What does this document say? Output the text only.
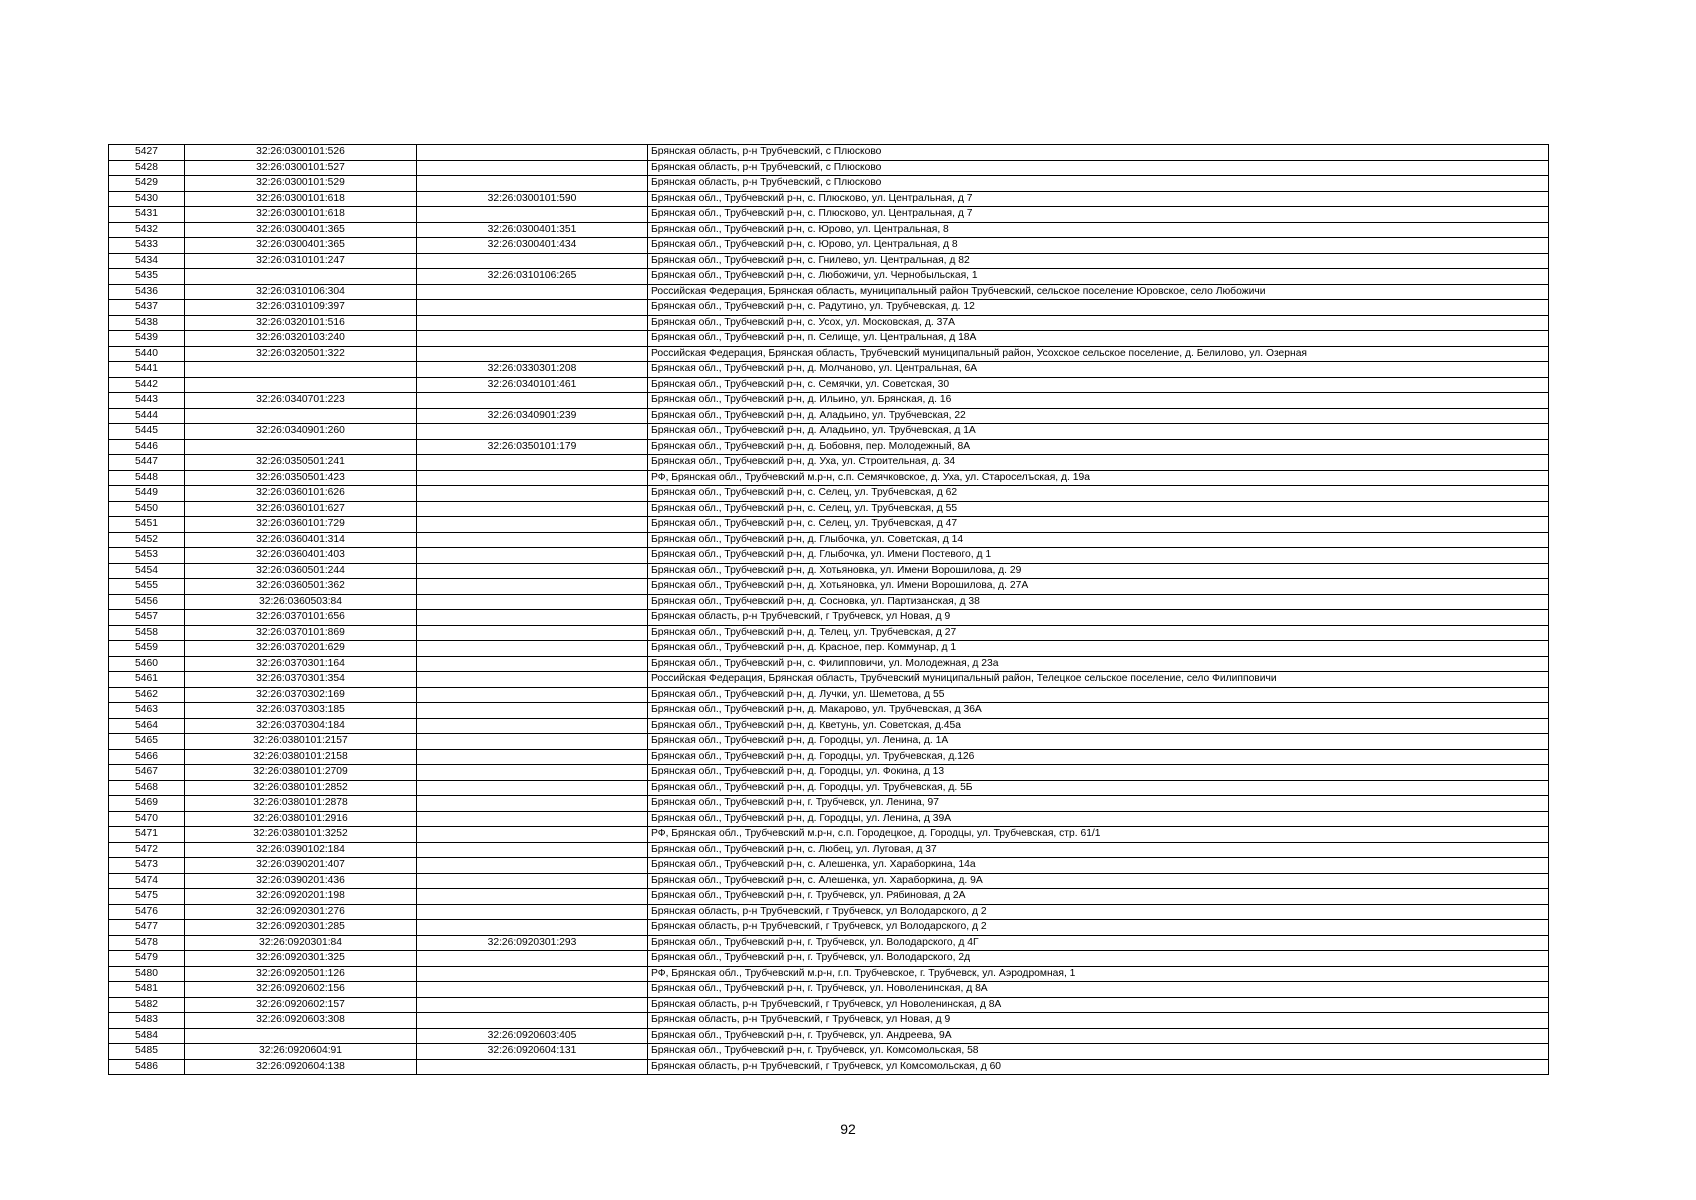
5427	32:26:0300101:526		Брянская область, р-н Трубчевский, с Плюсково
5428	32:26:0300101:527		Брянская область, р-н Трубчевский, с Плюсково
5429	32:26:0300101:529		Брянская область, р-н Трубчевский, с Плюсково
5430	32:26:0300101:618	32:26:0300101:590	Брянская обл., Трубчевский р-н, с. Плюсково, ул. Центральная, д 7
5431	32:26:0300101:618		Брянская обл., Трубчевский р-н, с. Плюсково, ул. Центральная, д 7
5432	32:26:0300401:365	32:26:0300401:351	Брянская обл., Трубчевский р-н, с. Юрово, ул. Центральная, 8
5433	32:26:0300401:365	32:26:0300401:434	Брянская обл., Трубчевский р-н, с. Юрово, ул. Центральная, д 8
5434	32:26:0310101:247		Брянская обл., Трубчевский р-н, с. Гнилево, ул. Центральная, д 82
5435		32:26:0310106:265	Брянская обл., Трубчевский р-н, с. Любожичи, ул. Чернобыльская, 1
5436	32:26:0310106:304		Российская Федерация, Брянская область, муниципальный район Трубчевский, сельское поселение Юровское, село Любожичи
5437	32:26:0310109:397		Брянская обл., Трубчевский р-н, с. Радутино, ул. Трубчевская, д. 12
5438	32:26:0320101:516		Брянская обл., Трубчевский р-н, с. Усох, ул. Московская, д. 37А
5439	32:26:0320103:240		Брянская обл., Трубчевский р-н, п. Селище, ул. Центральная, д 18А
5440	32:26:0320501:322		Российская Федерация, Брянская область, Трубчевский муниципальный район, Усохское сельское поселение, д. Белилово, ул. Озерная
5441		32:26:0330301:208	Брянская обл., Трубчевский р-н, д. Молчаново, ул. Центральная, 6А
5442		32:26:0340101:461	Брянская обл., Трубчевский р-н, с. Семячки, ул. Советская, 30
5443	32:26:0340701:223		Брянская обл., Трубчевский р-н, д. Ильино, ул. Брянская, д. 16
5444		32:26:0340901:239	Брянская обл., Трубчевский р-н, д. Аладьино, ул. Трубчевская, 22
5445	32:26:0340901:260		Брянская обл., Трубчевский р-н, д. Аладьино, ул. Трубчевская, д 1А
5446		32:26:0350101:179	Брянская обл., Трубчевский р-н, д. Бобовня, пер. Молодежный, 8А
5447	32:26:0350501:241		Брянская обл., Трубчевский р-н, д. Уха, ул. Строительная, д. 34
5448	32:26:0350501:423		РФ, Брянская обл., Трубчевский м.р-н, с.п. Семячковское, д. Уха, ул. Староселъская, д. 19а
5449	32:26:0360101:626		Брянская обл., Трубчевский р-н, с. Селец, ул. Трубчевская, д 62
5450	32:26:0360101:627		Брянская обл., Трубчевский р-н, с. Селец, ул. Трубчевская, д 55
5451	32:26:0360101:729		Брянская обл., Трубчевский р-н, с. Селец, ул. Трубчевская, д 47
5452	32:26:0360401:314		Брянская обл., Трубчевский р-н, д. Глыбочка, ул. Советская, д 14
5453	32:26:0360401:403		Брянская обл., Трубчевский р-н, д. Глыбочка, ул. Имени Постевого, д 1
5454	32:26:0360501:244		Брянская обл., Трубчевский р-н, д. Хотьяновка, ул. Имени Ворошилова, д. 29
5455	32:26:0360501:362		Брянская обл., Трубчевский р-н, д. Хотьяновка, ул. Имени Ворошилова, д. 27А
5456	32:26:0360503:84		Брянская обл., Трубчевский р-н, д. Сосновка, ул. Партизанская, д 38
5457	32:26:0370101:656		Брянская область, р-н Трубчевский, г Трубчевск, ул Новая, д 9
5458	32:26:0370101:869		Брянская обл., Трубчевский р-н, д. Телец, ул. Трубчевская, д 27
5459	32:26:0370201:629		Брянская обл., Трубчевский р-н, д. Красное, пер. Коммунар, д 1
5460	32:26:0370301:164		Брянская обл., Трубчевский р-н, с. Филипповичи, ул. Молодежная, д 23а
5461	32:26:0370301:354		Российская Федерация, Брянская область, Трубчевский муниципальный район, Телецкое сельское поселение, село Филипповичи
5462	32:26:0370302:169		Брянская обл., Трубчевский р-н, д. Лучки, ул. Шеметова, д 55
5463	32:26:0370303:185		Брянская обл., Трубчевский р-н, д. Макарово, ул. Трубчевская, д 36А
5464	32:26:0370304:184		Брянская обл., Трубчевский р-н, д. Кветунь, ул. Советская, д.45а
5465	32:26:0380101:2157		Брянская обл., Трубчевский р-н, д. Городцы, ул. Ленина, д. 1А
5466	32:26:0380101:2158		Брянская обл., Трубчевский р-н, д. Городцы, ул. Трубчевская, д.126
5467	32:26:0380101:2709		Брянская обл., Трубчевский р-н, д. Городцы, ул. Фокина, д 13
5468	32:26:0380101:2852		Брянская обл., Трубчевский р-н, д. Городцы, ул. Трубчевская, д. 5Б
5469	32:26:0380101:2878		Брянская обл., Трубчевский р-н, г. Трубчевск, ул. Ленина, 97
5470	32:26:0380101:2916		Брянская обл., Трубчевский р-н, д. Городцы, ул. Ленина, д 39А
5471	32:26:0380101:3252		РФ, Брянская обл., Трубчевский м.р-н, с.п. Городецкое, д. Городцы, ул. Трубчевская, стр. 61/1
5472	32:26:0390102:184		Брянская обл., Трубчевский р-н, с. Любец, ул. Луговая, д 37
5473	32:26:0390201:407		Брянская обл., Трубчевский р-н, с. Алешенка, ул. Хараборкина, 14а
5474	32:26:0390201:436		Брянская обл., Трубчевский р-н, с. Алешенка, ул. Хараборкина, д. 9А
5475	32:26:0920201:198		Брянская обл., Трубчевский р-н, г. Трубчевск, ул. Рябиновая, д 2А
5476	32:26:0920301:276		Брянская область, р-н Трубчевский, г Трубчевск, ул Володарского, д 2
5477	32:26:0920301:285		Брянская область, р-н Трубчевский, г Трубчевск, ул Володарского, д 2
5478	32:26:0920301:84	32:26:0920301:293	Брянская обл., Трубчевский р-н, г. Трубчевск, ул. Володарского, д 4Г
5479	32:26:0920301:325		Брянская обл., Трубчевский р-н, г. Трубчевск, ул. Володарского, 2д
5480	32:26:0920501:126		РФ, Брянская обл., Трубчевский м.р-н, г.п. Трубчевское, г. Трубчевск, ул. Аэродромная, 1
5481	32:26:0920602:156		Брянская обл., Трубчевский р-н, г. Трубчевск, ул. Новоленинская, д 8А
5482	32:26:0920602:157		Брянская область, р-н Трубчевский, г Трубчевск, ул Новоленинская, д 8А
5483	32:26:0920603:308		Брянская область, р-н Трубчевский, г Трубчевск, ул Новая, д 9
5484		32:26:0920603:405	Брянская обл., Трубчевский р-н, г. Трубчевск, ул. Андреева, 9А
5485	32:26:0920604:91	32:26:0920604:131	Брянская обл., Трубчевский р-н, г. Трубчевск, ул. Комсомольская, 58
5486	32:26:0920604:138		Брянская область, р-н Трубчевский, г Трубчевск, ул Комсомольская, д 60
92
